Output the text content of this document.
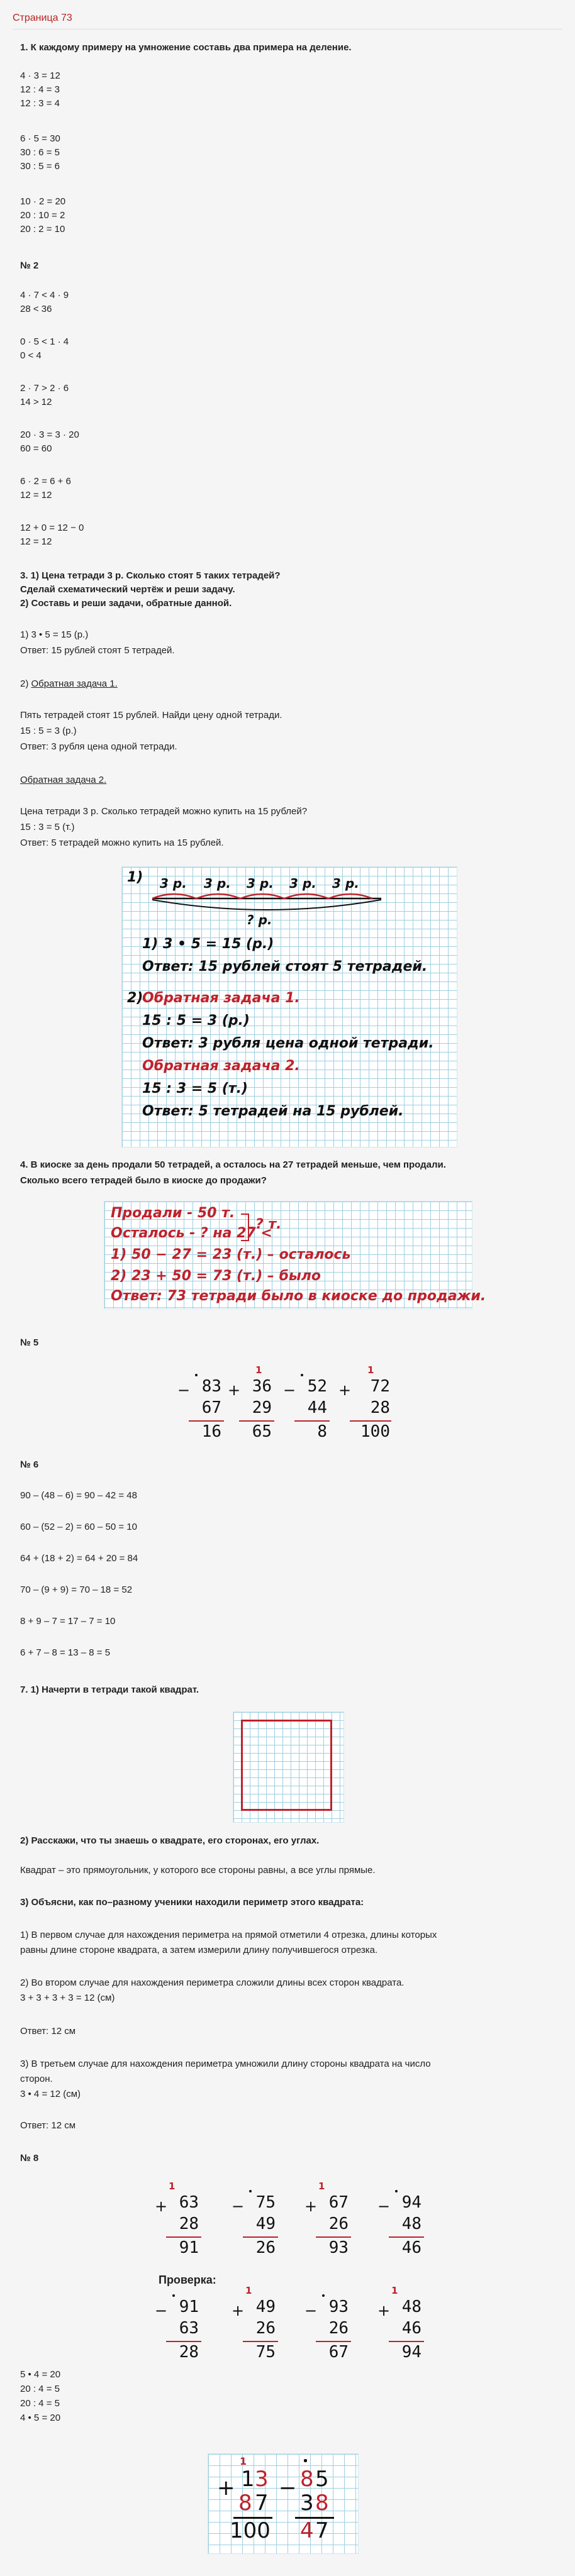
Страница 73
1. К каждому примеру на умножение составь два примера на деление.
4 · 3 = 12
12 : 4 = 3
12 : 3 = 4
6 · 5 = 30
30 : 6 = 5
30 : 5 = 6
10 · 2 = 20
20 : 10 = 2
20 : 2 = 10
№ 2
4 · 7 < 4 · 9
28 < 36
0 · 5 < 1 · 4
0 < 4
2 · 7 > 2 · 6
14 > 12
20 · 3 = 3 · 20
60 = 60
6 · 2 = 6 + 6
12 = 12
12 + 0 = 12 − 0
12 = 12
3. 1) Цена тетради 3 р. Сколько стоят 5 таких тетрадей?
Сделай схематический чертёж и реши задачу.
2) Составь и реши задачи, обратные данной.
1) 3 • 5 = 15 (р.)
Ответ: 15 рублей стоят 5 тетрадей.
2) Обратная задача 1.
Пять тетрадей стоят 15 рублей. Найди цену одной тетради.
15 : 5 = 3 (р.)
Ответ: 3 рубля цена одной тетради.
Обратная задача 2.
Цена тетради 3 р. Сколько тетрадей можно купить на 15 рублей?
15 : 3 = 5 (т.)
Ответ: 5 тетрадей можно купить на 15 рублей.
1) 3 р. 3 р. 3 р. 3 р. 3 р.
? р.
1) 3 • 5 = 15 (р.)
Ответ: 15 рублей стоят 5 тетрадей.
2)
Обратная задача 1.
15 : 5 = 3 (р.)
Ответ: 3 рубля цена одной тетради.
Обратная задача 2.
15 : 3 = 5 (т.)
Ответ: 5 тетрадей на 15 рублей.
4. В киоске за день продали 50 тетрадей, а осталось на 27 тетрадей меньше, чем продали.
Сколько всего тетрадей было в киоске до продажи?
Продали - 50 т.
Осталось - ? на 27 <
? т.
1) 50 − 27 = 23 (т.) – осталось
2) 23 + 50 = 73 (т.) – было
Ответ: 73 тетради было в киоске до продажи.
№ 5
− 83
67
16
1
+ 36
29
65
− 52
44
8
1
+	72
28
100
№ 6
90 – (48 – 6) = 90 – 42 = 48
60 – (52 – 2) = 60 – 50 = 10
64 + (18 + 2) = 64 + 20 = 84
70 – (9 + 9) = 70 – 18 = 52
8 + 9 – 7 = 17 – 7 = 10
6 + 7 – 8 = 13 – 8 = 5
7. 1) Начерти в тетради такой квадрат.
2) Расскажи, что ты знаешь о квадрате, его сторонах, его углах.
Квадрат – это прямоугольник, у которого все стороны равны, а все углы прямые.
3) Объясни, как по–разному ученики находили периметр этого квадрата:
1) В первом случае для нахождения периметра на прямой отметили 4 отрезка, длины которых
равны длине стороне квадрата, а затем измерили длину получившегося отрезка.
2) Во втором случае для нахождения периметра сложили длины всех сторон квадрата.
3 + 3 + 3 + 3 = 12 (см)
Ответ: 12 см
3) В третьем случае для нахождения периметра умножили длину стороны квадрата на число
сторон.
3 • 4 = 12 (см)
Ответ: 12 см
№ 8
1
+ 63
28
91
− 75
49
26
1
+ 67
26
93
− 94
48
46
Проверка:
− 91
63
28
1
+ 49
26
75
− 93
26
67
1
+ 48
46
94
5 • 4 = 20
20 : 4 = 5
20 : 4 = 5
4 • 5 = 20
1
+ 1 3
8 7
100
− 8 5
3 8
4 7
